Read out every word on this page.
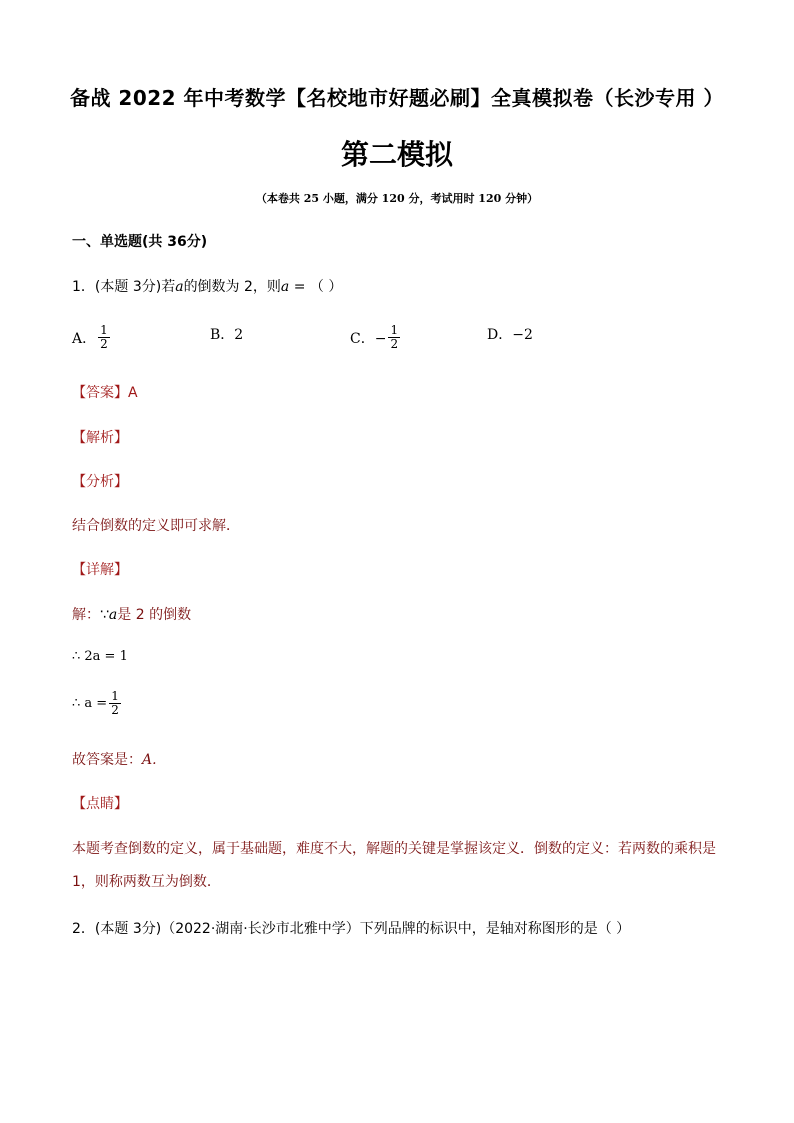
备战 2022 年中考数学【名校地市好题必刷】全真模拟卷（长沙专用 ）
第二模拟
（本卷共 25 小题，满分 120 分，考试用时 120 分钟）
一、单选题(共 36分)
1．(本题 3分)若a的倒数为 2，则a = （ ）
A． $\frac{1}{2}$	B．2	C．− $\frac{1}{2}$	D．−2
【答案】A
【解析】
【分析】
结合倒数的定义即可求解．
【详解】
解：∵a是 2 的倒数
∴ 2a = 1
∴ $a = \frac{1}{2}$
故答案是：A.
【点睛】
本题考查倒数的定义，属于基础题，难度不大，解题的关键是掌握该定义．倒数的定义：若两数的乘积是
1，则称两数互为倒数．
2．(本题 3分)（2022·湖南·长沙市北雅中学）下列品牌的标识中，是轴对称图形的是（ ）
